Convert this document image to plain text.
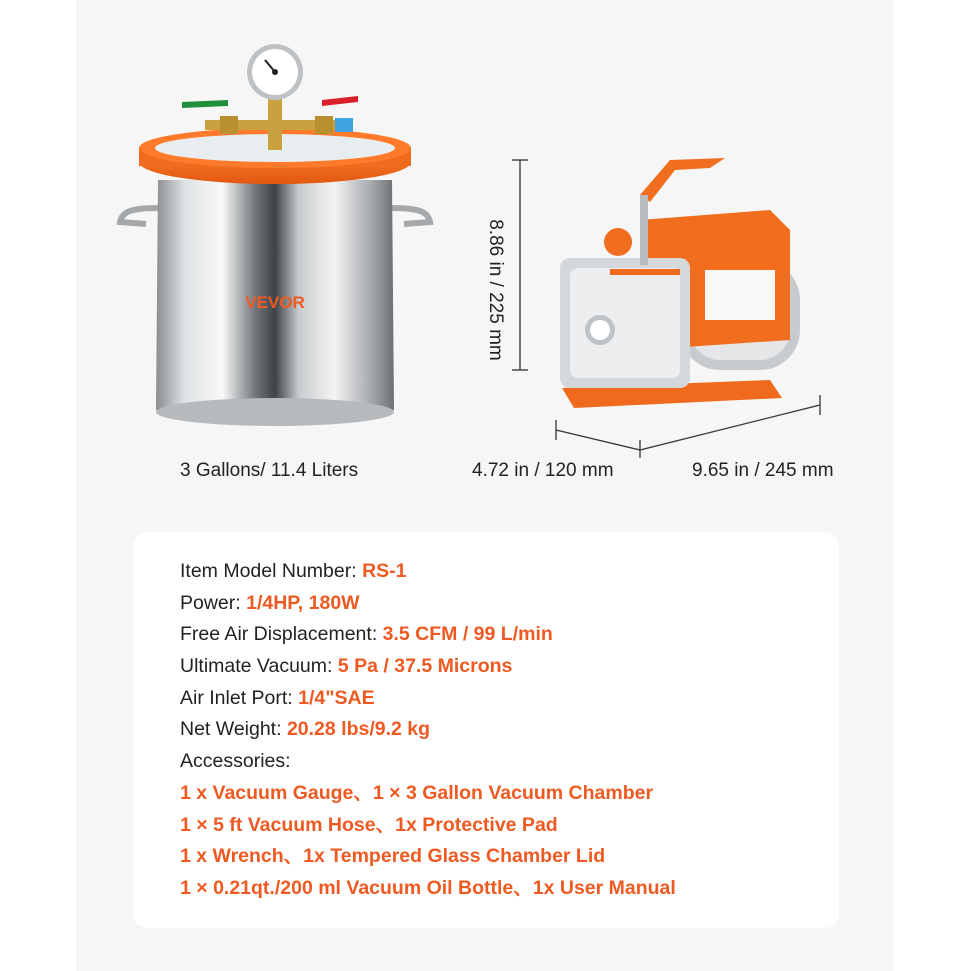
VEVOR
3 Gallons/ 11.4 Liters
8.86 in / 225 mm
4.72 in / 120 mm	9.65 in / 245 mm
Item Model Number: RS-1
Power: 1/4HP, 180W
Free Air Displacement: 3.5 CFM / 99 L/min
Ultimate Vacuum: 5 Pa / 37.5 Microns
Air Inlet Port: 1/4"SAE
Net Weight: 20.28 lbs/9.2 kg
Accessories:
1 x Vacuum Gauge、1 × 3 Gallon Vacuum Chamber
1 × 5 ft Vacuum Hose、1x Protective Pad
1 x Wrench、1x Tempered Glass Chamber Lid
1 × 0.21qt./200 ml Vacuum Oil Bottle、1x User Manual
